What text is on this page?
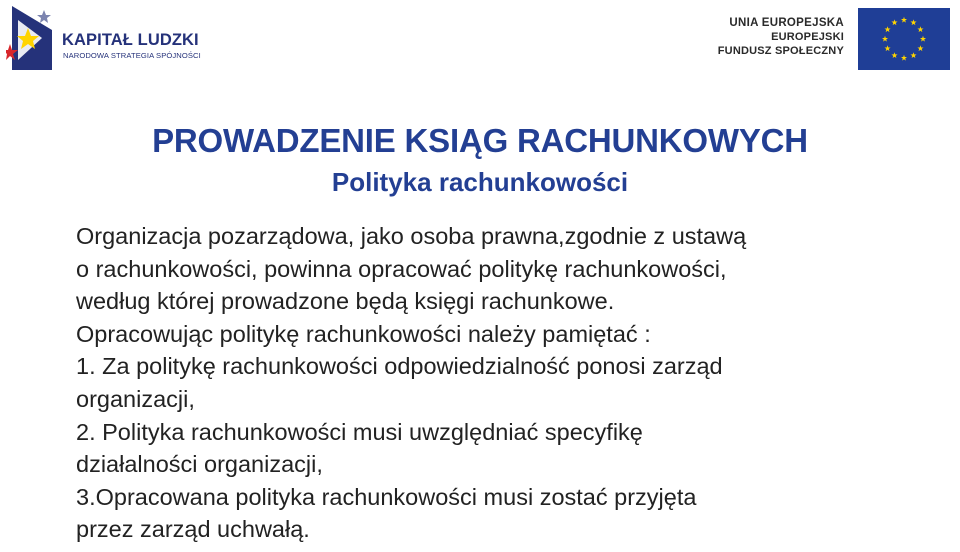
KAPITAŁ LUDZKI
NARODOWA STRATEGIA SPÓJNOŚCI
UNIA EUROPEJSKA
EUROPEJSKI
FUNDUSZ SPOŁECZNY
PROWADZENIE KSIĄG RACHUNKOWYCH
Polityka rachunkowości
Organizacja pozarządowa, jako osoba prawna,zgodnie z ustawą
o rachunkowości, powinna opracować politykę rachunkowości,
według której prowadzone będą księgi rachunkowe.
Opracowując politykę rachunkowości należy pamiętać :
1. Za politykę rachunkowości odpowiedzialność ponosi zarząd
organizacji,
2. Polityka rachunkowości musi uwzględniać specyfikę
działalności organizacji,
3.Opracowana polityka rachunkowości musi zostać przyjęta
przez zarząd uchwałą.
